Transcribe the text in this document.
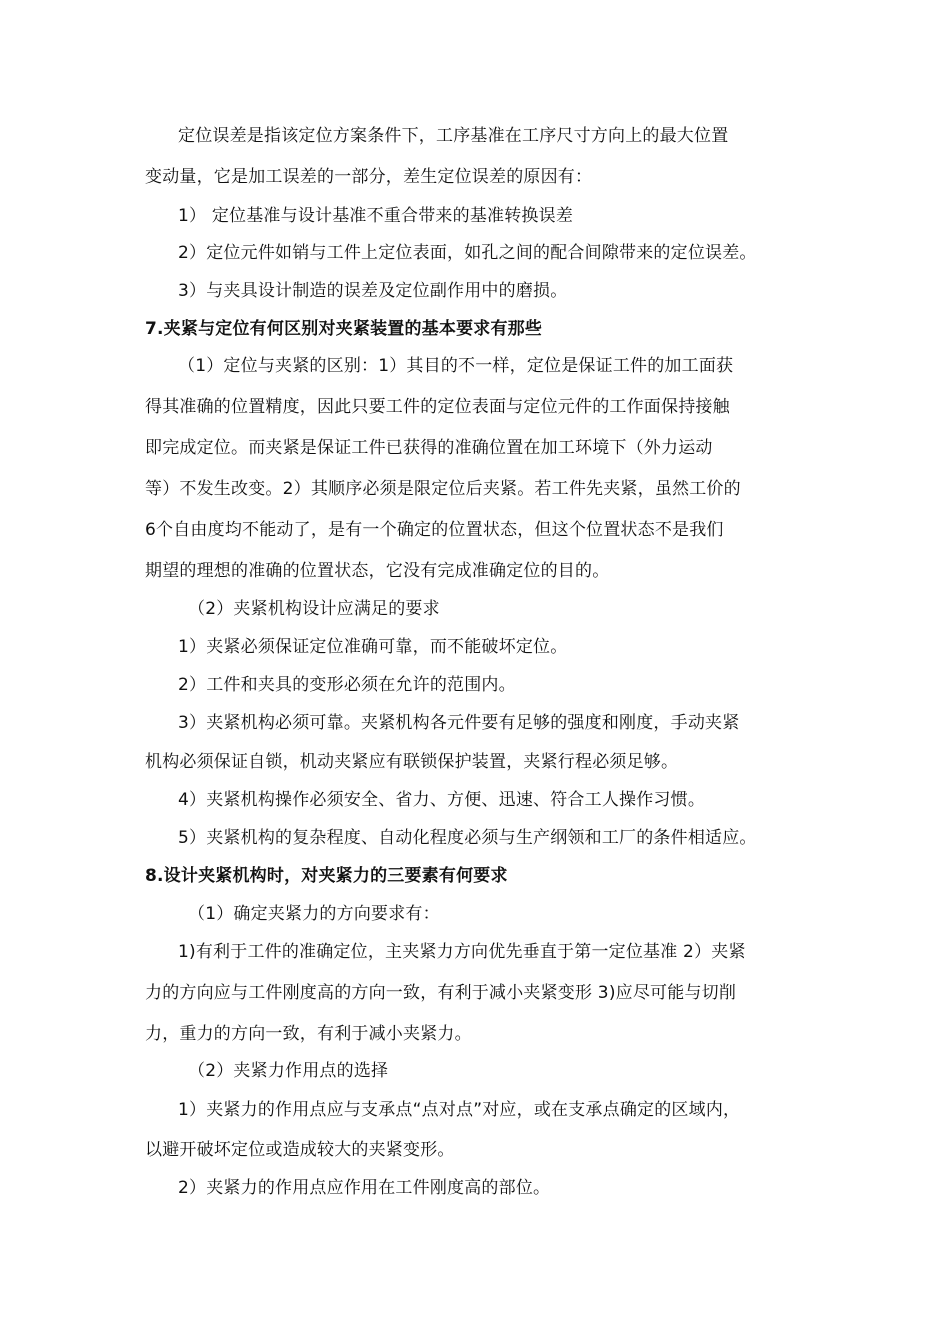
定位误差是指该定位方案条件下，工序基准在工序尺寸方向上的最大位置
变动量，它是加工误差的一部分，差生定位误差的原因有：
1） 定位基准与设计基准不重合带来的基准转换误差
2）定位元件如销与工件上定位表面，如孔之间的配合间隙带来的定位误差。
3）与夹具设计制造的误差及定位副作用中的磨损。
7.夹紧与定位有何区别对夹紧装置的基本要求有那些
（1）定位与夹紧的区别：1）其目的不一样，定位是保证工件的加工面获
得其准确的位置精度，因此只要工件的定位表面与定位元件的工作面保持接触
即完成定位。而夹紧是保证工件已获得的准确位置在加工环境下（外力运动
等）不发生改变。2）其顺序必须是限定位后夹紧。若工件先夹紧，虽然工价的
6个自由度均不能动了，是有一个确定的位置状态，但这个位置状态不是我们
期望的理想的准确的位置状态，它没有完成准确定位的目的。
（2）夹紧机构设计应满足的要求
1）夹紧必须保证定位准确可靠，而不能破坏定位。
2）工件和夹具的变形必须在允许的范围内。
3）夹紧机构必须可靠。夹紧机构各元件要有足够的强度和刚度，手动夹紧
机构必须保证自锁，机动夹紧应有联锁保护装置，夹紧行程必须足够。
4）夹紧机构操作必须安全、省力、方便、迅速、符合工人操作习惯。
5）夹紧机构的复杂程度、自动化程度必须与生产纲领和工厂的条件相适应。
8.设计夹紧机构时，对夹紧力的三要素有何要求
（1）确定夹紧力的方向要求有：
1)有利于工件的准确定位，主夹紧力方向优先垂直于第一定位基准 2）夹紧
力的方向应与工件刚度高的方向一致，有利于减小夹紧变形 3)应尽可能与切削
力，重力的方向一致，有利于减小夹紧力。
（2）夹紧力作用点的选择
1）夹紧力的作用点应与支承点“点对点”对应，或在支承点确定的区域内，
以避开破坏定位或造成较大的夹紧变形。
2）夹紧力的作用点应作用在工件刚度高的部位。
